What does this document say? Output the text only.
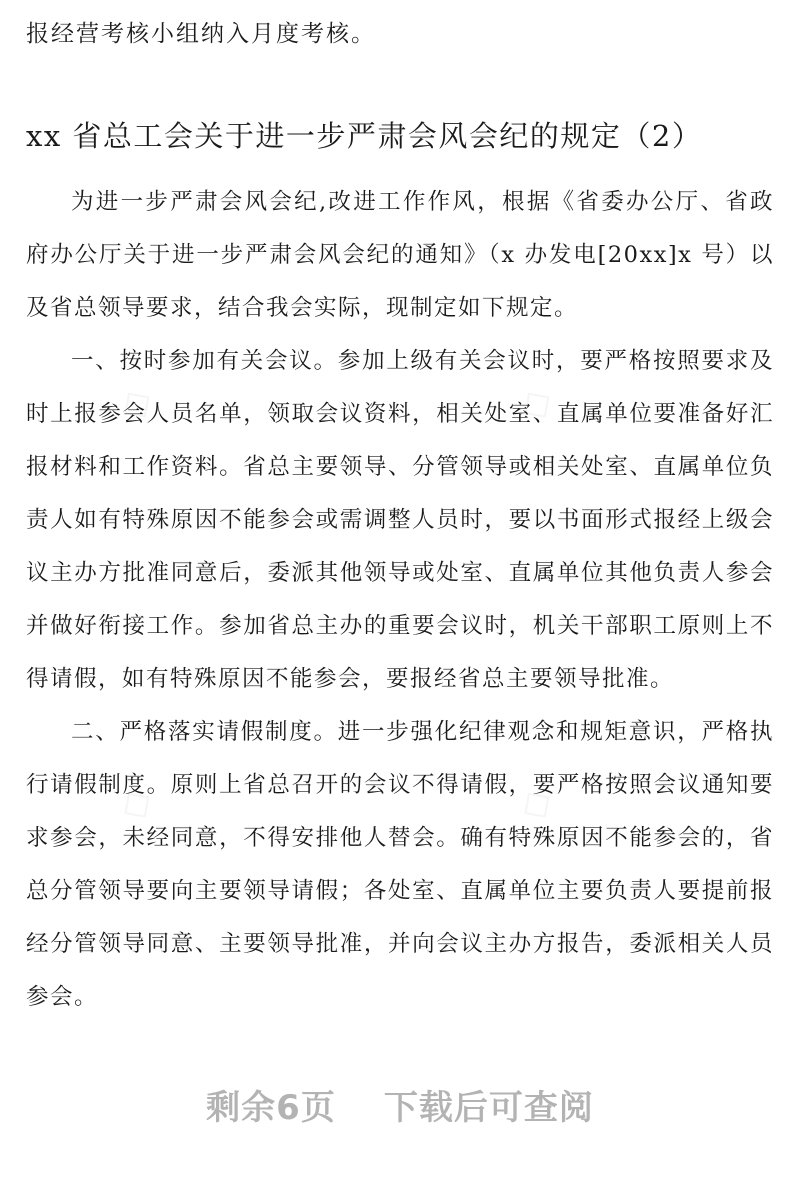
报经营考核小组纳入月度考核。
xx 省总工会关于进一步严肃会风会纪的规定（2）

为进一步严肃会风会纪,改进工作作风，根据《省委办公厅、省政府办公厅关于进一步严肃会风会纪的通知》（x 办发电[20xx]x 号）以及省总领导要求，结合我会实际，现制定如下规定。

一、按时参加有关会议。参加上级有关会议时，要严格按照要求及时上报参会人员名单，领取会议资料，相关处室、直属单位要准备好汇报材料和工作资料。省总主要领导、分管领导或相关处室、直属单位负责人如有特殊原因不能参会或需调整人员时，要以书面形式报经上级会议主办方批准同意后，委派其他领导或处室、直属单位其他负责人参会并做好衔接工作。参加省总主办的重要会议时，机关干部职工原则上不得请假，如有特殊原因不能参会，要报经省总主要领导批准。

二、严格落实请假制度。进一步强化纪律观念和规矩意识，严格执行请假制度。原则上省总召开的会议不得请假，要严格按照会议通知要求参会，未经同意，不得安排他人替会。确有特殊原因不能参会的，省总分管领导要向主要领导请假；各处室、直属单位主要负责人要提前报经分管领导同意、主要领导批准，并向会议主办方报告，委派相关人员参会。

剩余6页 下载后可查阅
